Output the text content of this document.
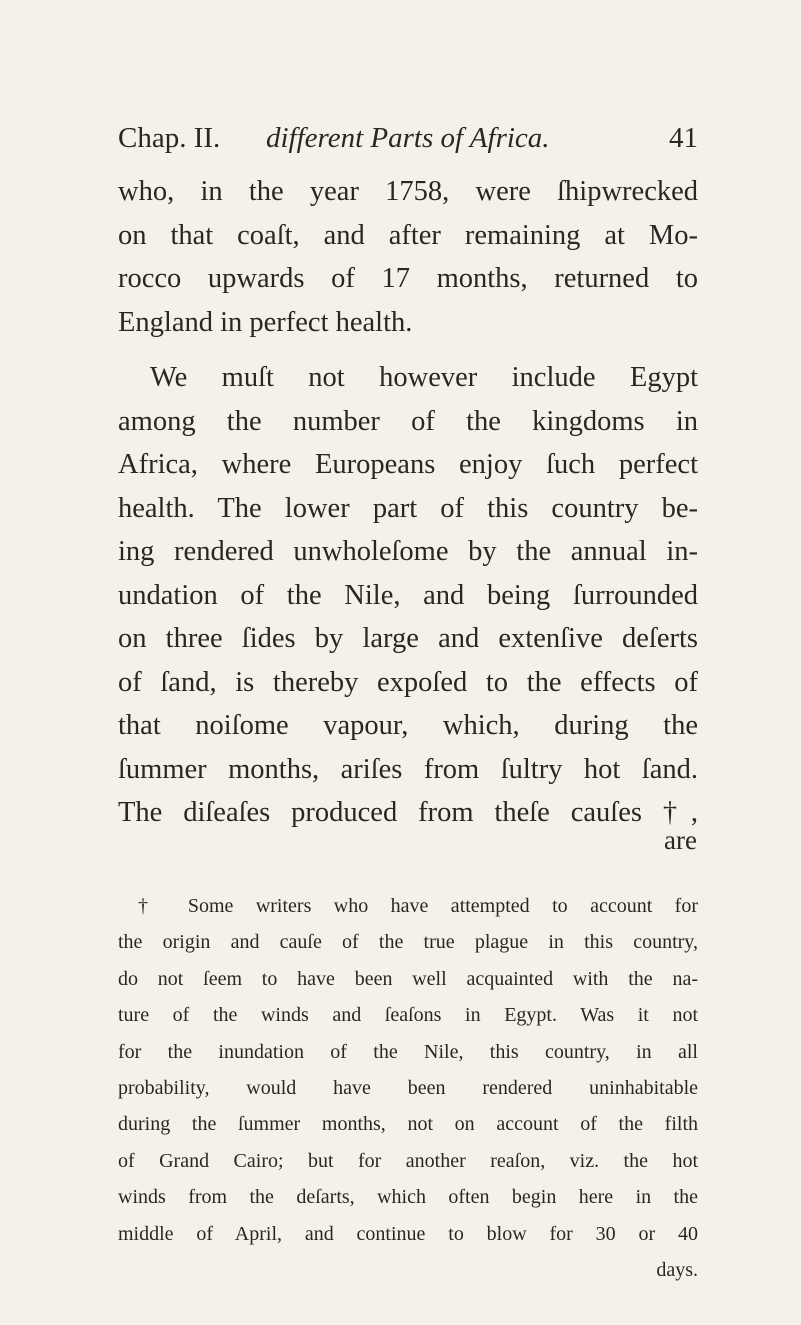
Chap. II. different Parts of Africa.	41
who, in the year 1758, were ſhipwrecked
on that coaſt, and after remaining at Mo-
rocco upwards of 17 months, returned to
England in perfect health.
We muſt not however include Egypt
among the number of the kingdoms in
Africa, where Europeans enjoy ſuch perfect
health. The lower part of this country be-
ing rendered unwholeſome by the annual in-
undation of the Nile, and being ſurrounded
on three ſides by large and extenſive deſerts
of ſand, is thereby expoſed to the effects of
that noiſome vapour, which, during the
ſummer months, ariſes from ſultry hot ſand.
The diſeaſes produced from theſe cauſes †,
are
† Some writers who have attempted to account for
the origin and cauſe of the true plague in this country,
do not ſeem to have been well acquainted with the na-
ture of the winds and ſeaſons in Egypt. Was it not
for the inundation of the Nile, this country, in all
probability, would have been rendered uninhabitable
during the ſummer months, not on account of the filth
of Grand Cairo; but for another reaſon, viz. the hot
winds from the deſarts, which often begin here in the
middle of April, and continue to blow for 30 or 40
days.
